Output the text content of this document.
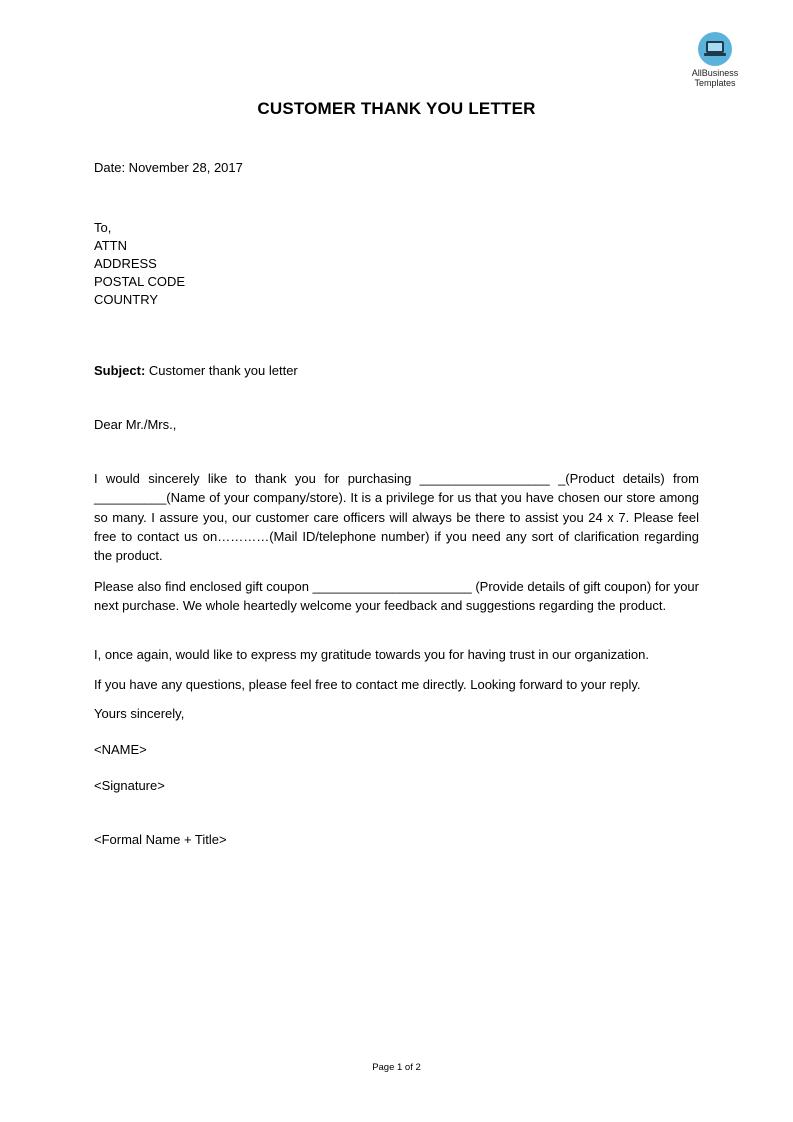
AllBusiness
Templates
CUSTOMER THANK YOU LETTER
Date: November 28, 2017
To,
ATTN
ADDRESS
POSTAL CODE
COUNTRY
Subject: Customer thank you letter
Dear Mr./Mrs.,
I would sincerely like to thank you for purchasing __________________ _(Product details) from __________(Name of your company/store). It is a privilege for us that you have chosen our store among so many. I assure you, our customer care officers will always be there to assist you 24 x 7. Please feel free to contact us on…………(Mail ID/telephone number) if you need any sort of clarification regarding the product.
Please also find enclosed gift coupon ______________________ (Provide details of gift coupon) for your next purchase. We whole heartedly welcome your feedback and suggestions regarding the product.
I, once again, would like to express my gratitude towards you for having trust in our organization.
If you have any questions, please feel free to contact me directly. Looking forward to your reply.
Yours sincerely,
<NAME>
<Signature>
<Formal Name + Title>
Page 1 of 2
